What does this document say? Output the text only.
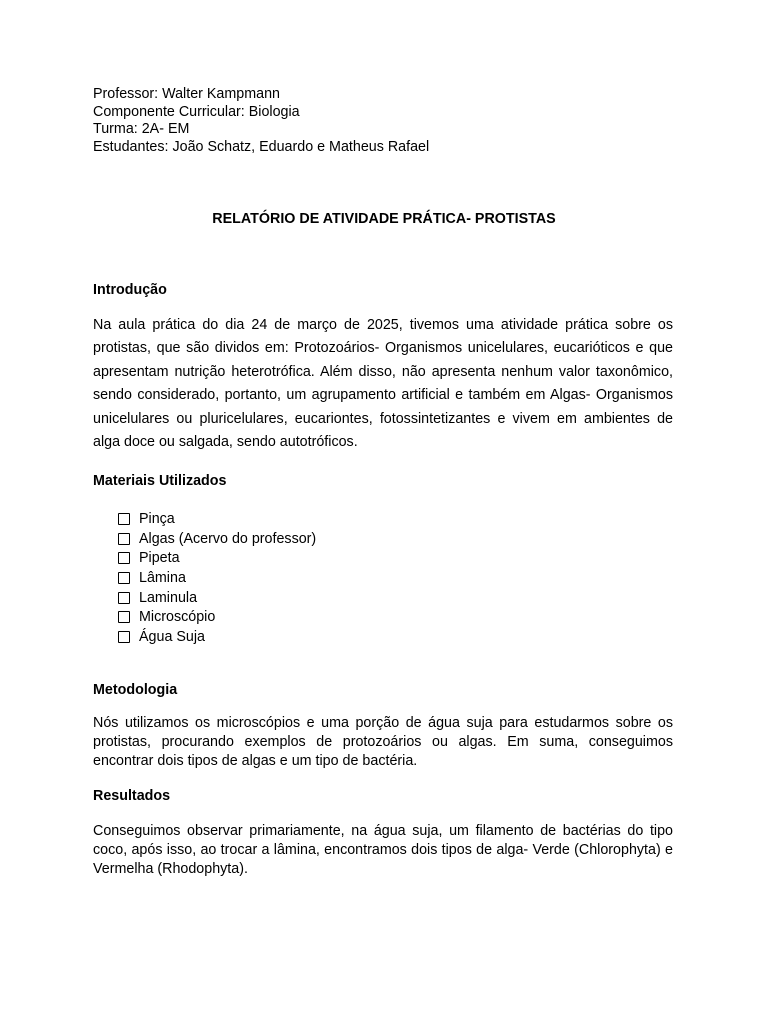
Professor: Walter Kampmann
Componente Curricular: Biologia
Turma: 2A- EM
Estudantes: João Schatz, Eduardo e Matheus Rafael
RELATÓRIO DE ATIVIDADE PRÁTICA- PROTISTAS
Introdução

Na aula prática do dia 24 de março de 2025, tivemos uma atividade prática sobre os protistas, que são dividos em: Protozoários- Organismos unicelulares, eucarióticos e que apresentam nutrição heterotrófica. Além disso, não apresenta nenhum valor taxonômico, sendo considerado, portanto, um agrupamento artificial e também em Algas- Organismos unicelulares ou pluricelulares, eucariontes, fotossintetizantes e vivem em ambientes de alga doce ou salgada, sendo autotróficos.

Materiais Utilizados
Pinça
Algas (Acervo do professor)
Pipeta
Lâmina
Laminula
Microscópio
Água Suja
Metodologia

Nós utilizamos os microscópios e uma porção de água suja para estudarmos sobre os protistas, procurando exemplos de protozoários ou algas. Em suma, conseguimos encontrar dois tipos de algas e um tipo de bactéria.

Resultados

Conseguimos observar primariamente, na água suja, um filamento de bactérias do tipo coco, após isso, ao trocar a lâmina, encontramos dois tipos de alga- Verde (Chlorophyta) e Vermelha (Rhodophyta).
